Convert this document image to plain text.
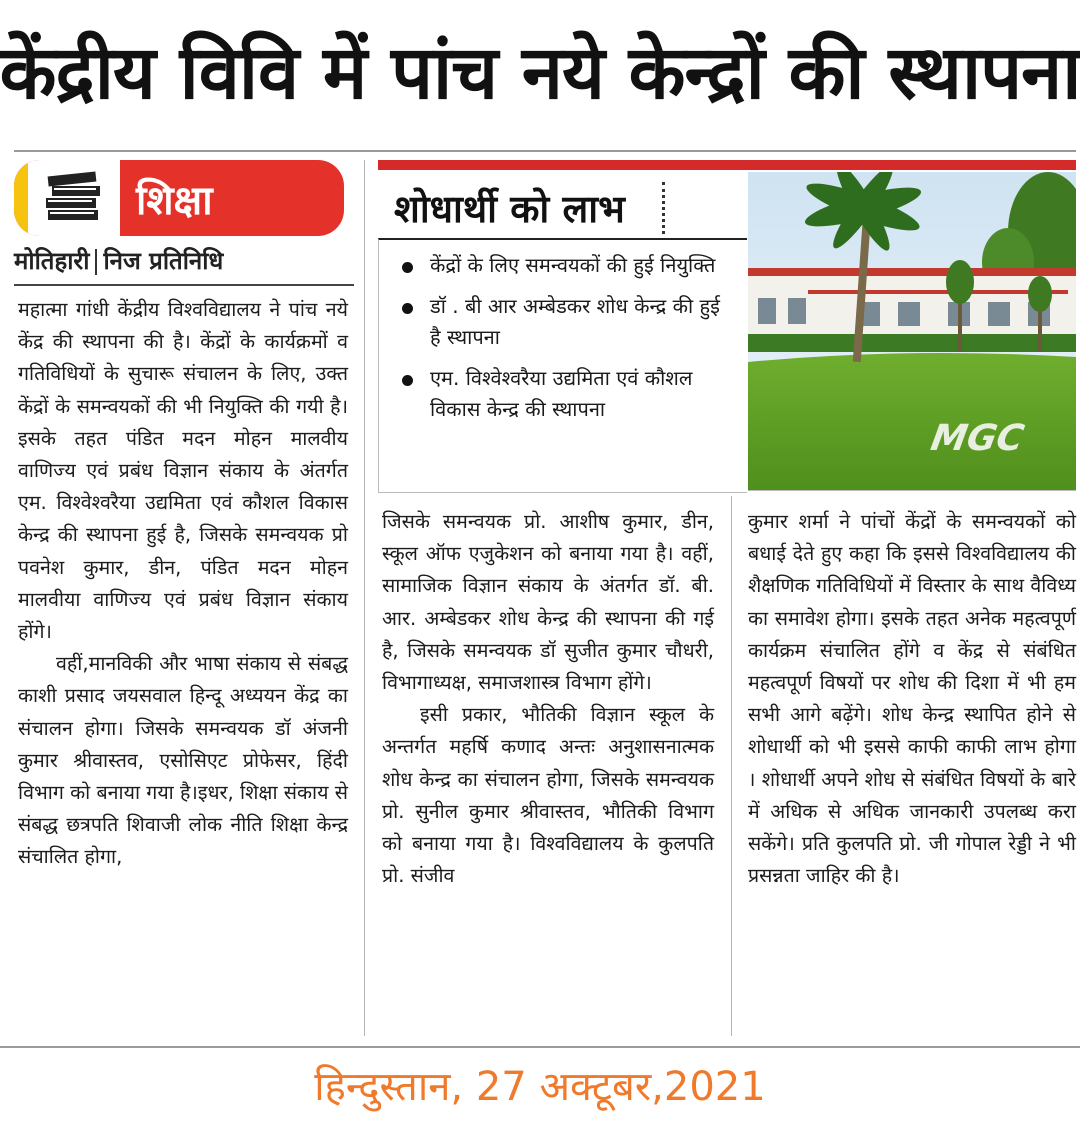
केंद्रीय विवि में पांच नये केन्द्रों की स्थापना
शिक्षा
मोतिहारी निज प्रतिनिधि

महात्मा गांधी केंद्रीय विश्वविद्यालय ने पांच नये केंद्र की स्थापना की है। केंद्रों के कार्यक्रमों व गतिविधियों के सुचारू संचालन के लिए, उक्त केंद्रों के समन्वयकों की भी नियुक्ति की गयी है। इसके तहत पंडित मदन मोहन मालवीय वाणिज्य एवं प्रबंध विज्ञान संकाय के अंतर्गत एम. विश्वेश्वरैया उद्यमिता एवं कौशल विकास केन्द्र की स्थापना हुई है, जिसके समन्वयक प्रो पवनेश कुमार, डीन, पंडित मदन मोहन मालवीया वाणिज्य एवं प्रबंध विज्ञान संकाय होंगे।

वहीं,मानविकी और भाषा संकाय से संबद्ध काशी प्रसाद जयसवाल हिन्दू अध्ययन केंद्र का संचालन होगा। जिसके समन्वयक डॉ अंजनी कुमार श्रीवास्तव, एसोसिएट प्रोफेसर, हिंदी विभाग को बनाया गया है।इधर, शिक्षा संकाय से संबद्ध छत्रपति शिवाजी लोक नीति शिक्षा केन्द्र संचालित होगा,

शोधार्थी को लाभ
केंद्रों के लिए समन्वयकों की हुई नियुक्ति
डॉ . बी आर अम्बेडकर शोध केन्द्र की हुई है स्थापना
एम. विश्वेश्वरैया उद्यमिता एवं कौशल विकास केन्द्र की स्थापना
MGC

जिसके समन्वयक प्रो. आशीष कुमार, डीन, स्कूल ऑफ एजुकेशन को बनाया गया है। वहीं, सामाजिक विज्ञान संकाय के अंतर्गत डॉ. बी. आर. अम्बेडकर शोध केन्द्र की स्थापना की गई है, जिसके समन्वयक डॉ सुजीत कुमार चौधरी, विभागाध्यक्ष, समाजशास्त्र विभाग होंगे।

इसी प्रकार, भौतिकी विज्ञान स्कूल के अन्तर्गत महर्षि कणाद अन्तः अनुशासनात्मक शोध केन्द्र का संचालन होगा, जिसके समन्वयक प्रो. सुनील कुमार श्रीवास्तव, भौतिकी विभाग को बनाया गया है। विश्वविद्यालय के कुलपति प्रो. संजीव

कुमार शर्मा ने पांचों केंद्रों के समन्वयकों को बधाई देते हुए कहा कि इससे विश्वविद्यालय की शैक्षणिक गतिविधियों में विस्तार के साथ वैविध्य का समावेश होगा। इसके तहत अनेक महत्वपूर्ण कार्यक्रम संचालित होंगे व केंद्र से संबंधित महत्वपूर्ण विषयों पर शोध की दिशा में भी हम सभी आगे बढ़ेंगे। शोध केन्द्र स्थापित होने से शोधार्थी को भी इससे काफी काफी लाभ होगा । शोधार्थी अपने शोध से संबंधित विषयों के बारे में अधिक से अधिक जानकारी उपलब्ध करा सकेंगे। प्रति कुलपति प्रो. जी गोपाल रेड्डी ने भी प्रसन्नता जाहिर की है।

हिन्दुस्तान, 27 अक्टूबर,2021
